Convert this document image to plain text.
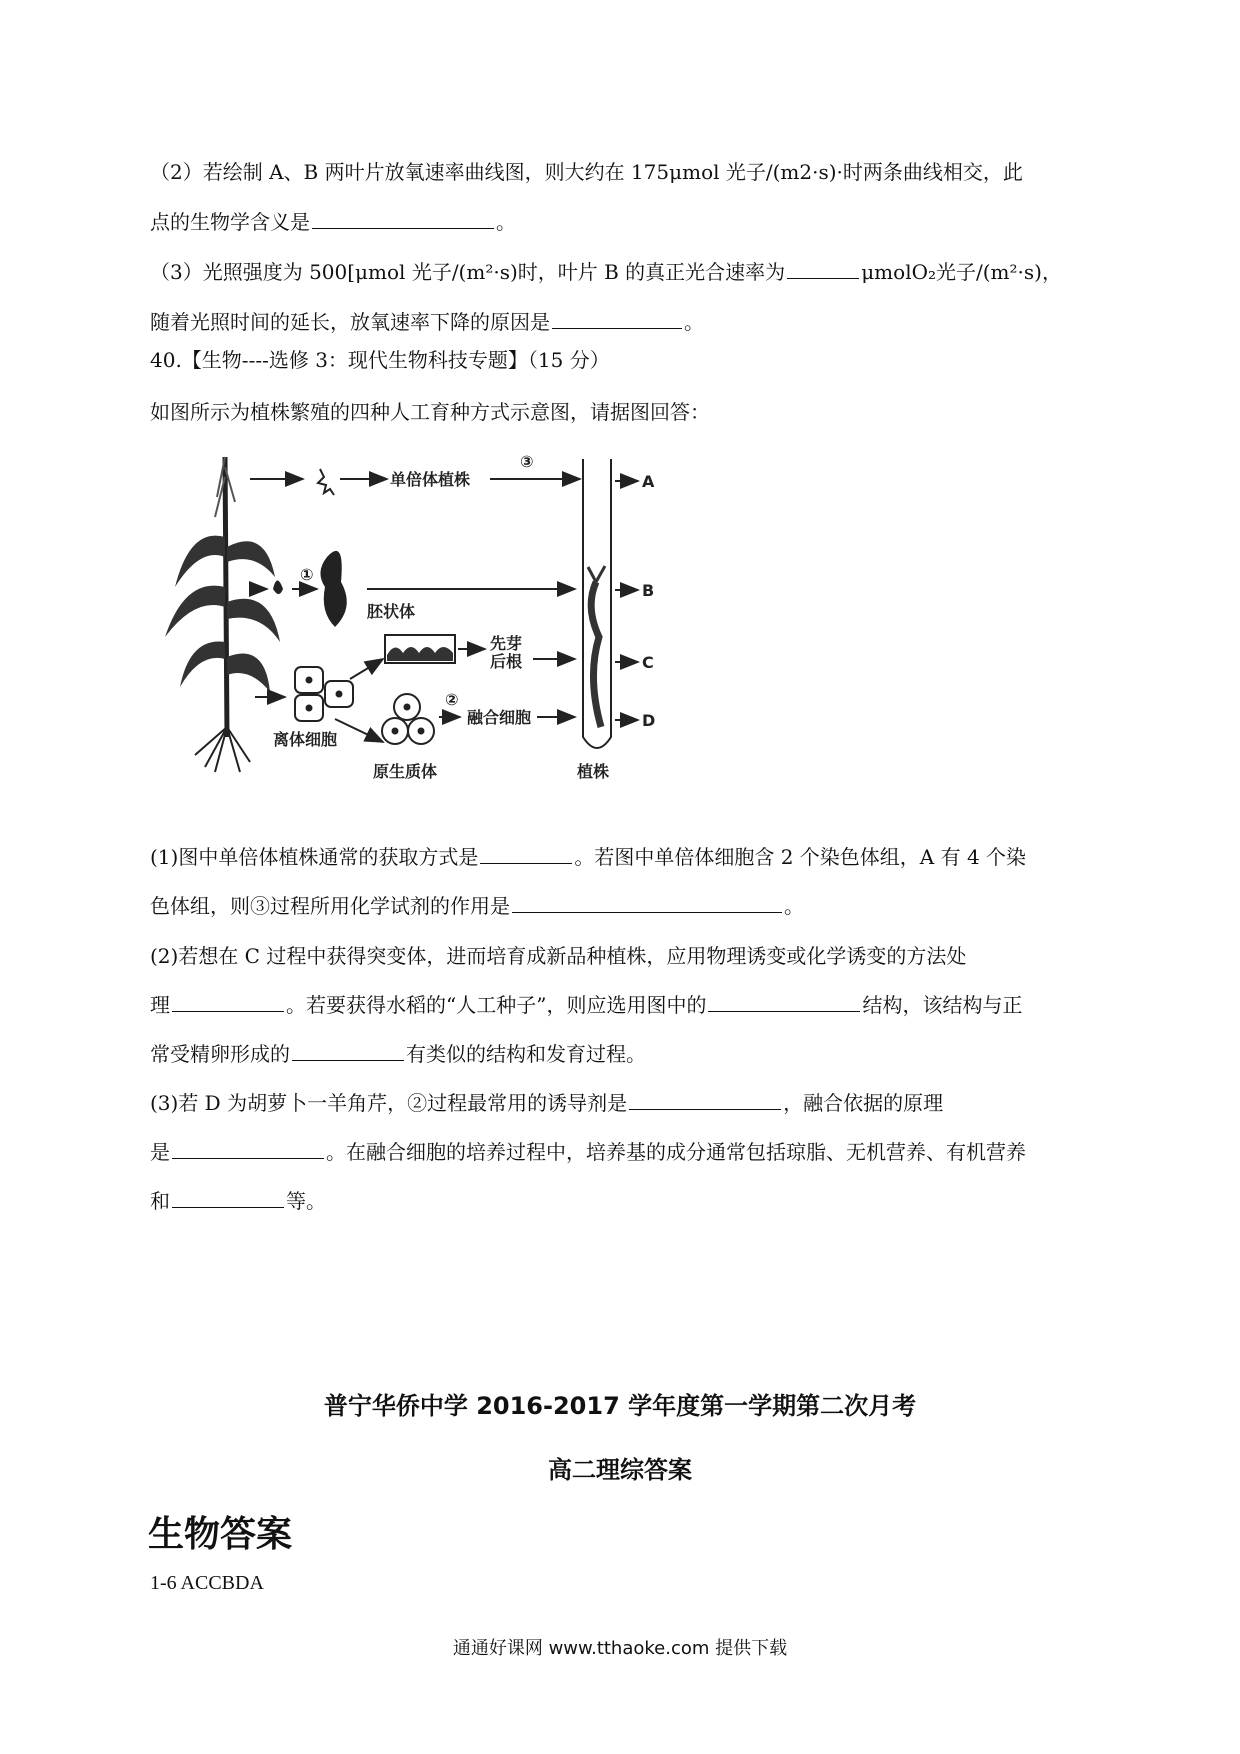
（2）若绘制 A、B 两叶片放氧速率曲线图，则大约在 175μmol 光子/(m2·s)·时两条曲线相交，此
点的生物学含义是	。
（3）光照强度为 500[μmol 光子/(m²·s)时，叶片 B 的真正光合速率为	μmolO₂光子/(m²·s)，
随着光照时间的延长，放氧速率下降的原因是	。
40.【生物----选修 3：现代生物科技专题】（15 分）
如图所示为植株繁殖的四种人工育种方式示意图，请据图回答：
单倍体植株
③
A
①
胚状体
B
离体细胞
先芽
后根	C
原生质体
②
融合细胞	D
植株
(1)图中单倍体植株通常的获取方式是	。若图中单倍体细胞含 2 个染色体组，A 有 4 个染
色体组，则③过程所用化学试剂的作用是	。
(2)若想在 C 过程中获得突变体，进而培育成新品种植株，应用物理诱变或化学诱变的方法处
理	。若要获得水稻的“人工种子”，则应选用图中的	结构，该结构与正
常受精卵形成的	有类似的结构和发育过程。
(3)若 D 为胡萝卜一羊角芹，②过程最常用的诱导剂是	，融合依据的原理
是	。在融合细胞的培养过程中，培养基的成分通常包括琼脂、无机营养、有机营养
和	等。
普宁华侨中学 2016-2017 学年度第一学期第二次月考
高二理综答案
生物答案
1-6 ACCBDA
通通好课网 www.tthaoke.com 提供下载
